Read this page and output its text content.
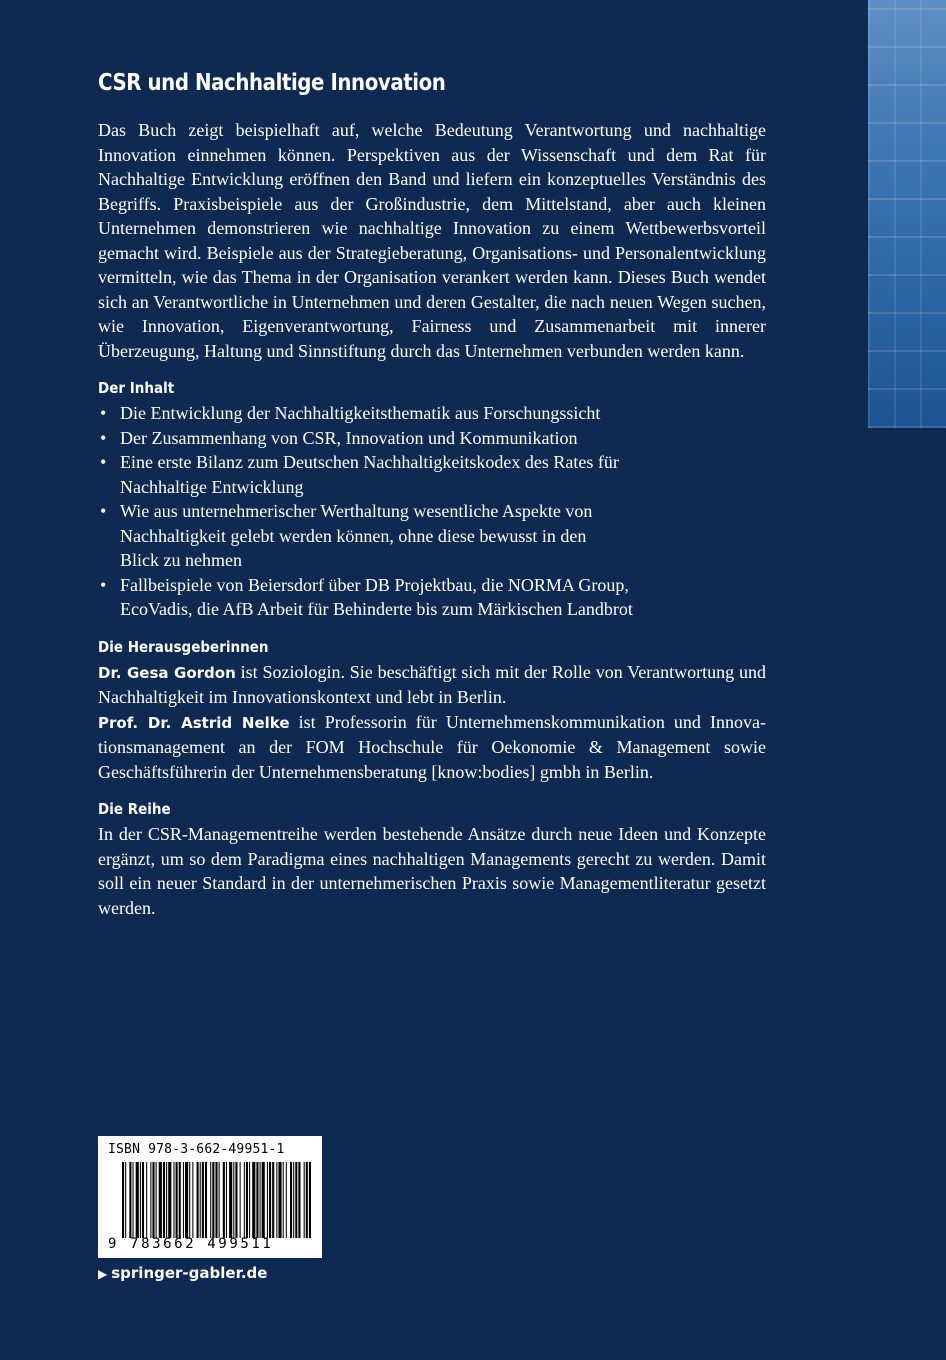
CSR und Nachhaltige Innovation

Das Buch zeigt beispielhaft auf, welche Bedeutung Verantwortung und nachhaltige Innovation einnehmen können. Perspektiven aus der Wissenschaft und dem Rat für Nachhaltige Entwicklung eröffnen den Band und liefern ein konzeptuelles Verständnis des Begriffs. Praxisbeispiele aus der Großindustrie, dem Mittelstand, aber auch kleinen Unternehmen demonstrieren wie nachhaltige Innovation zu einem Wettbewerbsvorteil gemacht wird. Beispiele aus der Strategieberatung, Organisations- und Personalentwicklung vermitteln, wie das Thema in der Organisation verankert werden kann. Dieses Buch wendet sich an Verantwortliche in Unternehmen und deren Gestalter, die nach neuen Wegen suchen, wie Innovation, Eigenverantwortung, Fairness und Zusammenarbeit mit innerer Überzeugung, Haltung und Sinnstiftung durch das Unternehmen verbunden werden kann.

Der Inhalt
• Die Entwicklung der Nachhaltigkeitsthematik aus Forschungssicht
• Der Zusammenhang von CSR, Innovation und Kommunikation
• Eine erste Bilanz zum Deutschen Nachhaltigkeitskodex des Rates für Nachhaltige Entwicklung
• Wie aus unternehmerischer Werthaltung wesentliche Aspekte von Nachhaltigkeit gelebt werden können, ohne diese bewusst in den Blick zu nehmen
• Fallbeispiele von Beiersdorf über DB Projektbau, die NORMA Group, EcoVadis, die AfB Arbeit für Behinderte bis zum Märkischen Landbrot
Die Herausgeberinnen

Dr. Gesa Gordon ist Soziologin. Sie beschäftigt sich mit der Rolle von Verantwortung und Nachhaltigkeit im Innovationskontext und lebt in Berlin.

Prof. Dr. Astrid Nelke ist Professorin für Unternehmenskommunikation und Innovationsmanagement an der FOM Hochschule für Oekonomie & Management sowie Geschäftsführerin der Unternehmensberatung [know:bodies] gmbh in Berlin.

Die Reihe

In der CSR-Managementreihe werden bestehende Ansätze durch neue Ideen und Konzepte ergänzt, um so dem Paradigma eines nachhaltigen Managements gerecht zu werden. Damit soll ein neuer Standard in der unternehmerischen Praxis sowie Managementliteratur gesetzt werden.

ISBN 978-3-662-49951-1
9 783662 499511
▶ springer-gabler.de
